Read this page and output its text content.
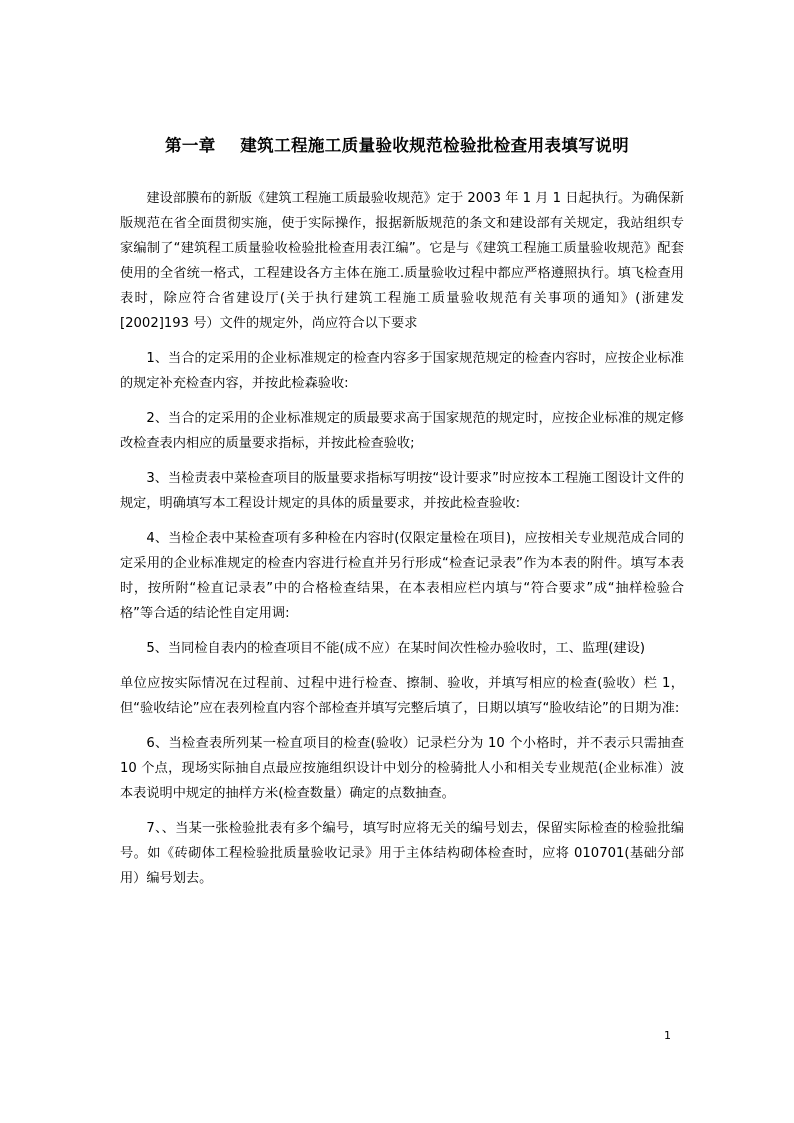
第一章    建筑工程施工质量验收规范检验批检查用表填写说明

建设部膜布的新版《建筑工程施工质最验收规范》定于 2003 年 1 月 1 日起执行。为确保新版规范在省全面贯彻实施，使于实际操作，报据新版规范的条文和建设部有关规定，我站组织专家编制了“建筑程工质量验收检验批检查用表江编”。它是与《建筑工程施工质量验收规范》配套使用的全省统一格式，工程建设各方主体在施工.质量验收过程中都应严格遵照执行。填飞检查用表时，除应符合省建设厅(关于执行建筑工程施工质量验收规范有关事项的通知》(浙建发[2002]193 号）文件的规定外，尚应符合以下要求

1、当合的定采用的企业标准规定的检查内容多于国家规范规定的检查内容时，应按企业标准的规定补充检查内容，并按此检森验收:

2、当合的定采用的企业标准规定的质最要求高于国家规范的规定时，应按企业标准的规定修改检查表内相应的质量要求指标，并按此检查验收;

3、当检责表中菜检查项目的版量要求指标写明按“设计要求”时应按本工程施工图设计文件的规定，明确填写本工程设计规定的具体的质量要求，并按此检查验收:

4、当检企表中某检查项有多种检在内容时(仅限定量检在项目)，应按相关专业规范成合同的定采用的企业标准规定的检查内容进行检直并另行形成“检查记录表”作为本表的附件。填写本表时，按所附“检直记录表”中的合格检查结果，在本表相应栏内填与“符合要求”成“抽样检验合格”等合适的结论性自定用调:

5、当同检自表内的检查项目不能(成不应）在某时间次性检办验收时，工、监理(建设)

单位应按实际情况在过程前、过程中进行检查、擦制、验收，并填写相应的检查(验收）栏 1，但“验收结论”应在表列检直内容个部检查并填写完整后填了，日期以填写“脸收结论”的日期为准:

6、当检查表所列某一检直项目的检查(验收）记录栏分为 10 个小格时，并不表示只需抽查 10 个点，现场实际抽自点最应按施组织设计中划分的检骑批人小和相关专业规范(企业标准）波本表说明中规定的抽样方米(检查数量）确定的点数抽查。

7、、当某一张检验批表有多个编号，填写时应将无关的编号划去，保留实际检查的检验批编号。如《砖砌体工程检验批质量验收记录》用于主体结构砌体检查时，应将 010701(基础分部用）编号划去。

1
